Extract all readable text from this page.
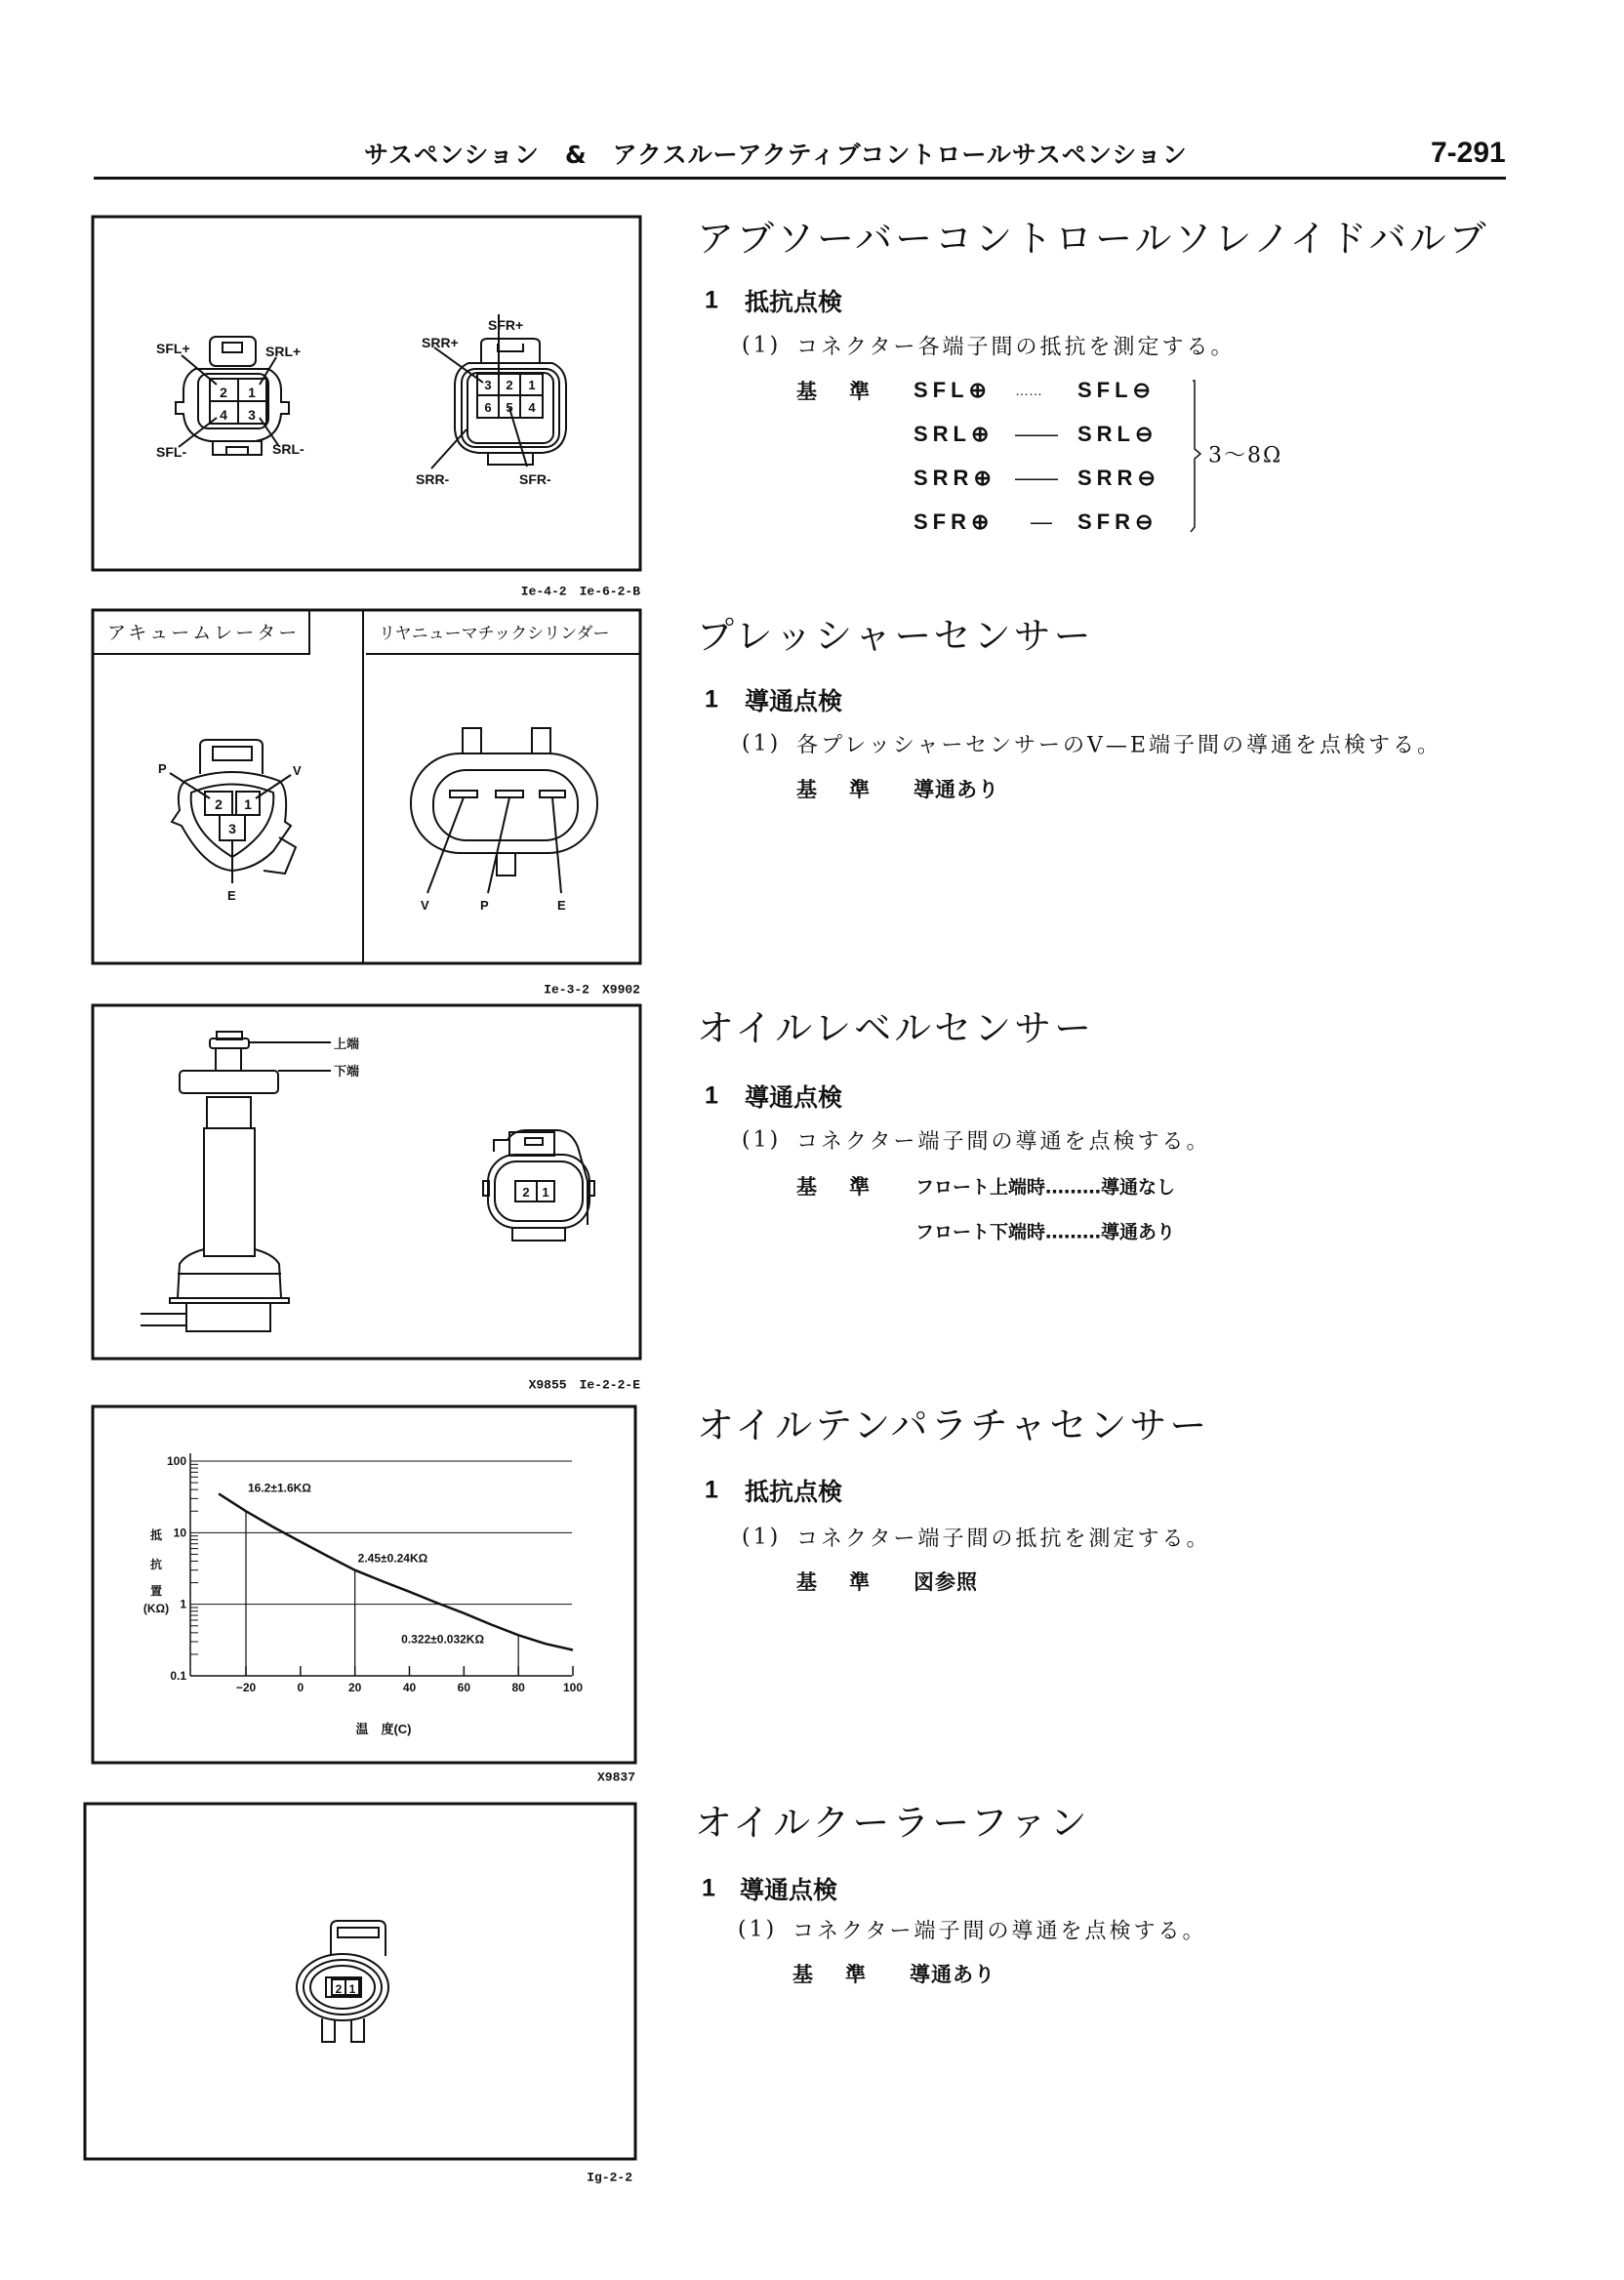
サスペンション　&　アクスルーアクティブコントロールサスペンション	7-291
2 1
4 3
SFL+	SRL+
SFL-	SRL-
3 2 1
6 5 4
SFR+
SRR+
SRR-	SFR-
2 1
3
P	V
E
V	P	E
上端
下端
2 1
100
10
1
0.1
−20	0	20	40	60	80	100
16.2±1.6KΩ
2.45±0.24KΩ
0.322±0.032KΩ
抵
抗
置
(KΩ)
温　度(C)
2 1
アキュームレーター	リヤニューマチックシリンダー
Ie-4-2　Ie-6-2-B
Ie-3-2　X9902
X9855　Ie-2-2-E
X9837
Ig-2-2
アブソーバーコントロールソレノイドバルブ
1 抵抗点検
(1) コネクター各端子間の抵抗を測定する。
基　準 SFL⊕ …… SFL⊖
SRL⊕ —— SRL⊖
SRR⊕ —— SRR⊖
SFR⊕ — SFR⊖
3～8Ω
プレッシャーセンサー
1 導通点検
(1) 各プレッシャーセンサーのV—E端子間の導通を点検する。
基　準 導通あり
オイルレベルセンサー
1 導通点検
(1) コネクター端子間の導通を点検する。
基　準 フロート上端時………導通なし
フロート下端時………導通あり
オイルテンパラチャセンサー
1 抵抗点検
(1) コネクター端子間の抵抗を測定する。
基　準 図参照
オイルクーラーファン
1 導通点検
(1) コネクター端子間の導通を点検する。
基　準 導通あり
